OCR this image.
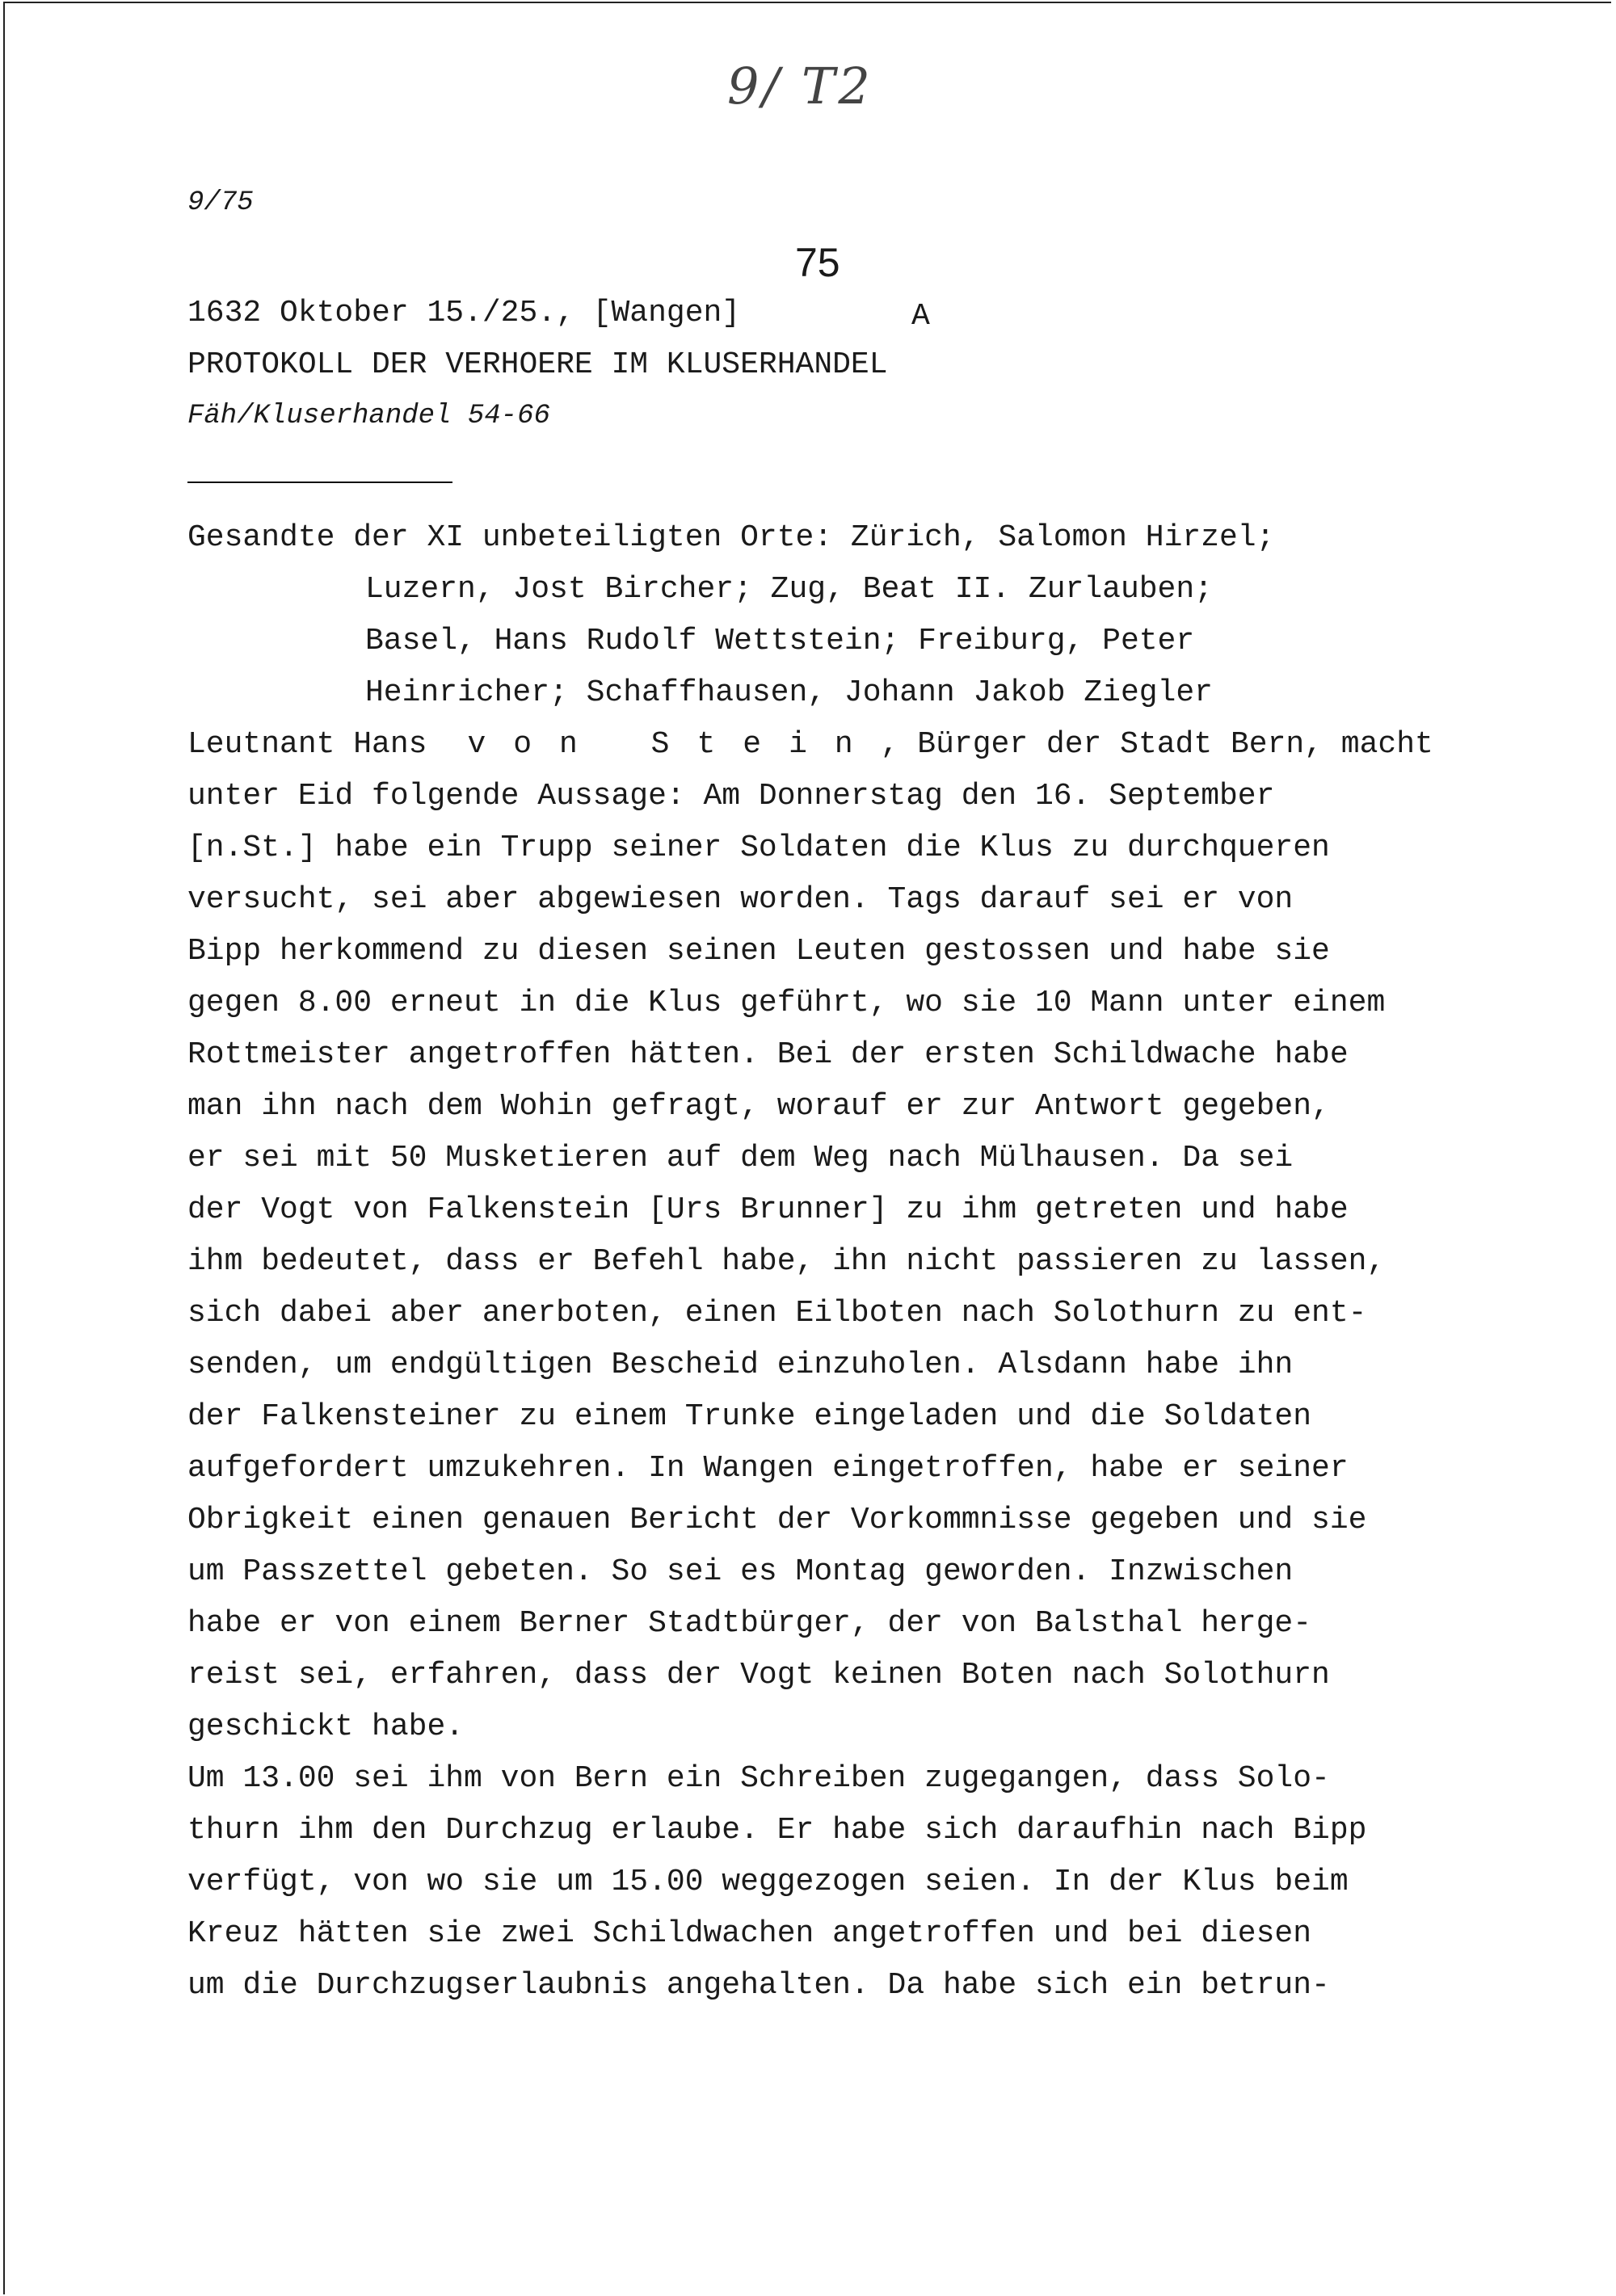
9/ T2
9/75
75
1632 Oktober 15./25., [Wangen]	A
PROTOKOLL DER VERHOERE IM KLUSERHANDEL
Fäh/Kluserhandel 54-66
Gesandte der XI unbeteiligten Orte: Zürich, Salomon Hirzel;
Luzern, Jost Bircher; Zug, Beat II. Zurlauben;
Basel, Hans Rudolf Wettstein; Freiburg, Peter
Heinricher; Schaffhausen, Johann Jakob Ziegler
Leutnant Hans von Stein, Bürger der Stadt Bern, macht
unter Eid folgende Aussage: Am Donnerstag den 16. September
[n.St.] habe ein Trupp seiner Soldaten die Klus zu durchqueren
versucht, sei aber abgewiesen worden. Tags darauf sei er von
Bipp herkommend zu diesen seinen Leuten gestossen und habe sie
gegen 8.00 erneut in die Klus geführt, wo sie 10 Mann unter einem
Rottmeister angetroffen hätten. Bei der ersten Schildwache habe
man ihn nach dem Wohin gefragt, worauf er zur Antwort gegeben,
er sei mit 50 Musketieren auf dem Weg nach Mülhausen. Da sei
der Vogt von Falkenstein [Urs Brunner] zu ihm getreten und habe
ihm bedeutet, dass er Befehl habe, ihn nicht passieren zu lassen,
sich dabei aber anerboten, einen Eilboten nach Solothurn zu ent-
senden, um endgültigen Bescheid einzuholen. Alsdann habe ihn
der Falkensteiner zu einem Trunke eingeladen und die Soldaten
aufgefordert umzukehren. In Wangen eingetroffen, habe er seiner
Obrigkeit einen genauen Bericht der Vorkommnisse gegeben und sie
um Passzettel gebeten. So sei es Montag geworden. Inzwischen
habe er von einem Berner Stadtbürger, der von Balsthal herge-
reist sei, erfahren, dass der Vogt keinen Boten nach Solothurn
geschickt habe.
Um 13.00 sei ihm von Bern ein Schreiben zugegangen, dass Solo-
thurn ihm den Durchzug erlaube. Er habe sich daraufhin nach Bipp
verfügt, von wo sie um 15.00 weggezogen seien. In der Klus beim
Kreuz hätten sie zwei Schildwachen angetroffen und bei diesen
um die Durchzugserlaubnis angehalten. Da habe sich ein betrun-
